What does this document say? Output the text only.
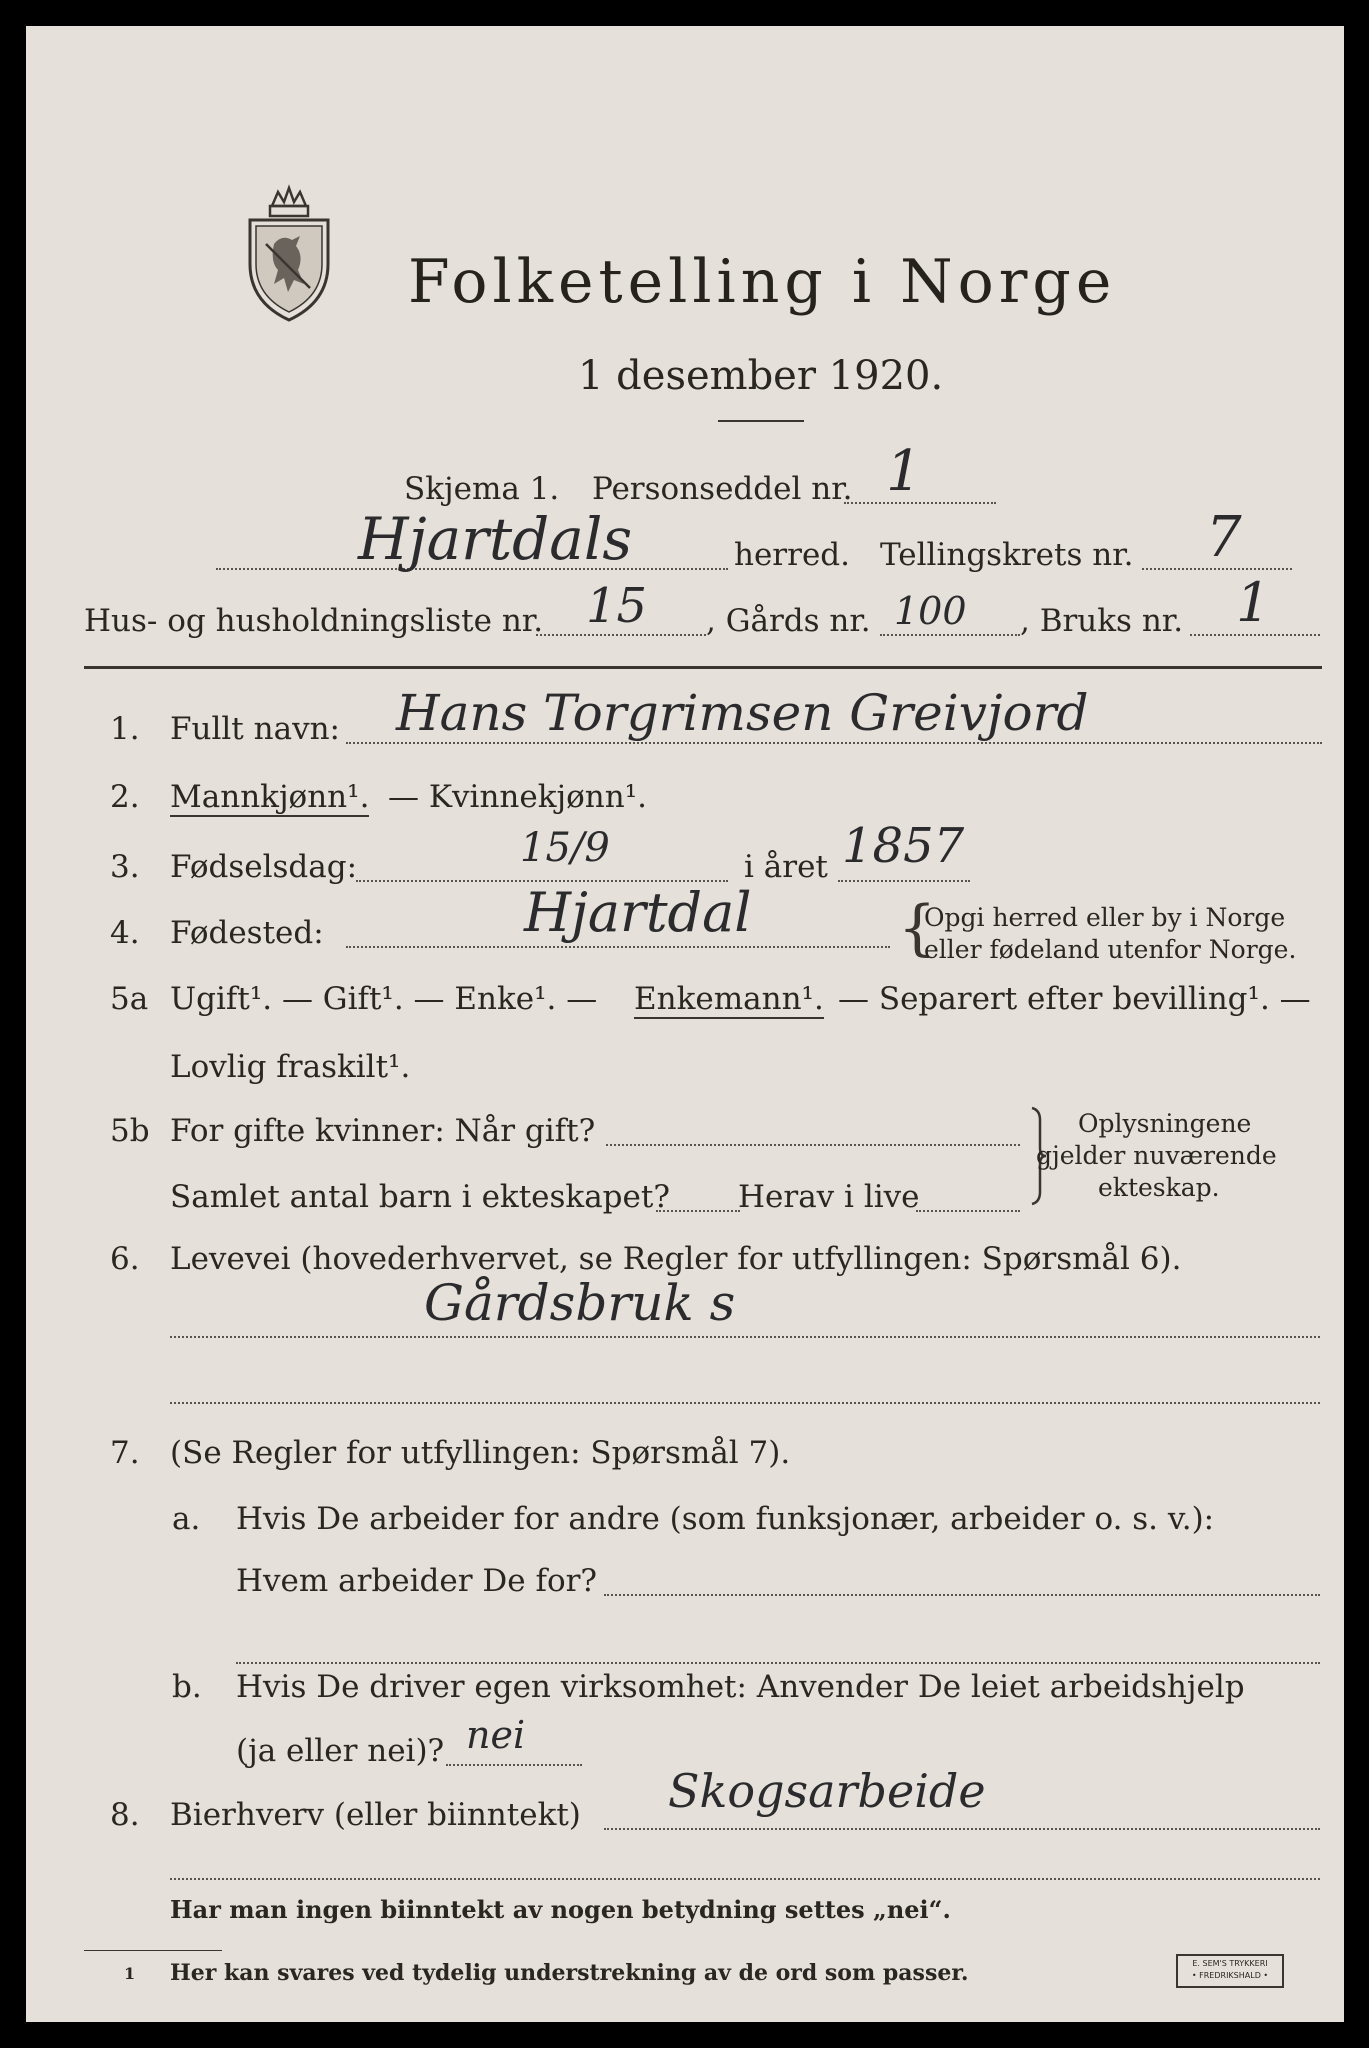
Folketelling i Norge
1 desember 1920.
Skjema 1. Personseddel nr. 1
Hjartdals	herred. Tellingskrets nr. 7
Hus- og husholdningsliste nr. 15 , Gårds nr. 100 , Bruks nr. 1
1. Fullt navn: Hans Torgrimsen Greivjord
2. Mannkjønn¹. — Kvinnekjønn¹.
3. Fødselsdag:	15/9	i året 1857
4. Fødested:	Hjartdal {
Opgi herred eller by i Norge
eller fødeland utenfor Norge.
5a Ugift¹. — Gift¹. — Enke¹. — Enkemann¹. — Separert efter bevilling¹. —
Lovlig fraskilt¹.
5b For gifte kvinner: Når gift?
Samlet antal barn i ekteskapet? Herav i live
Oplysningene
gjelder nuværende
ekteskap.
6. Levevei (hovederhvervet, se Regler for utfyllingen: Spørsmål 6).
Gårdsbruk s
7. (Se Regler for utfyllingen: Spørsmål 7).
a. Hvis De arbeider for andre (som funksjonær, arbeider o. s. v.):
Hvem arbeider De for?
b. Hvis De driver egen virksomhet: Anvender De leiet arbeidshjelp
(ja eller nei)? nei
8. Bierhverv (eller biinntekt) Skogsarbeide
Har man ingen biinntekt av nogen betydning settes „nei“.
1 Her kan svares ved tydelig understrekning av de ord som passer.	E. SEM'S TRYKKERI
• FREDRIKSHALD •
